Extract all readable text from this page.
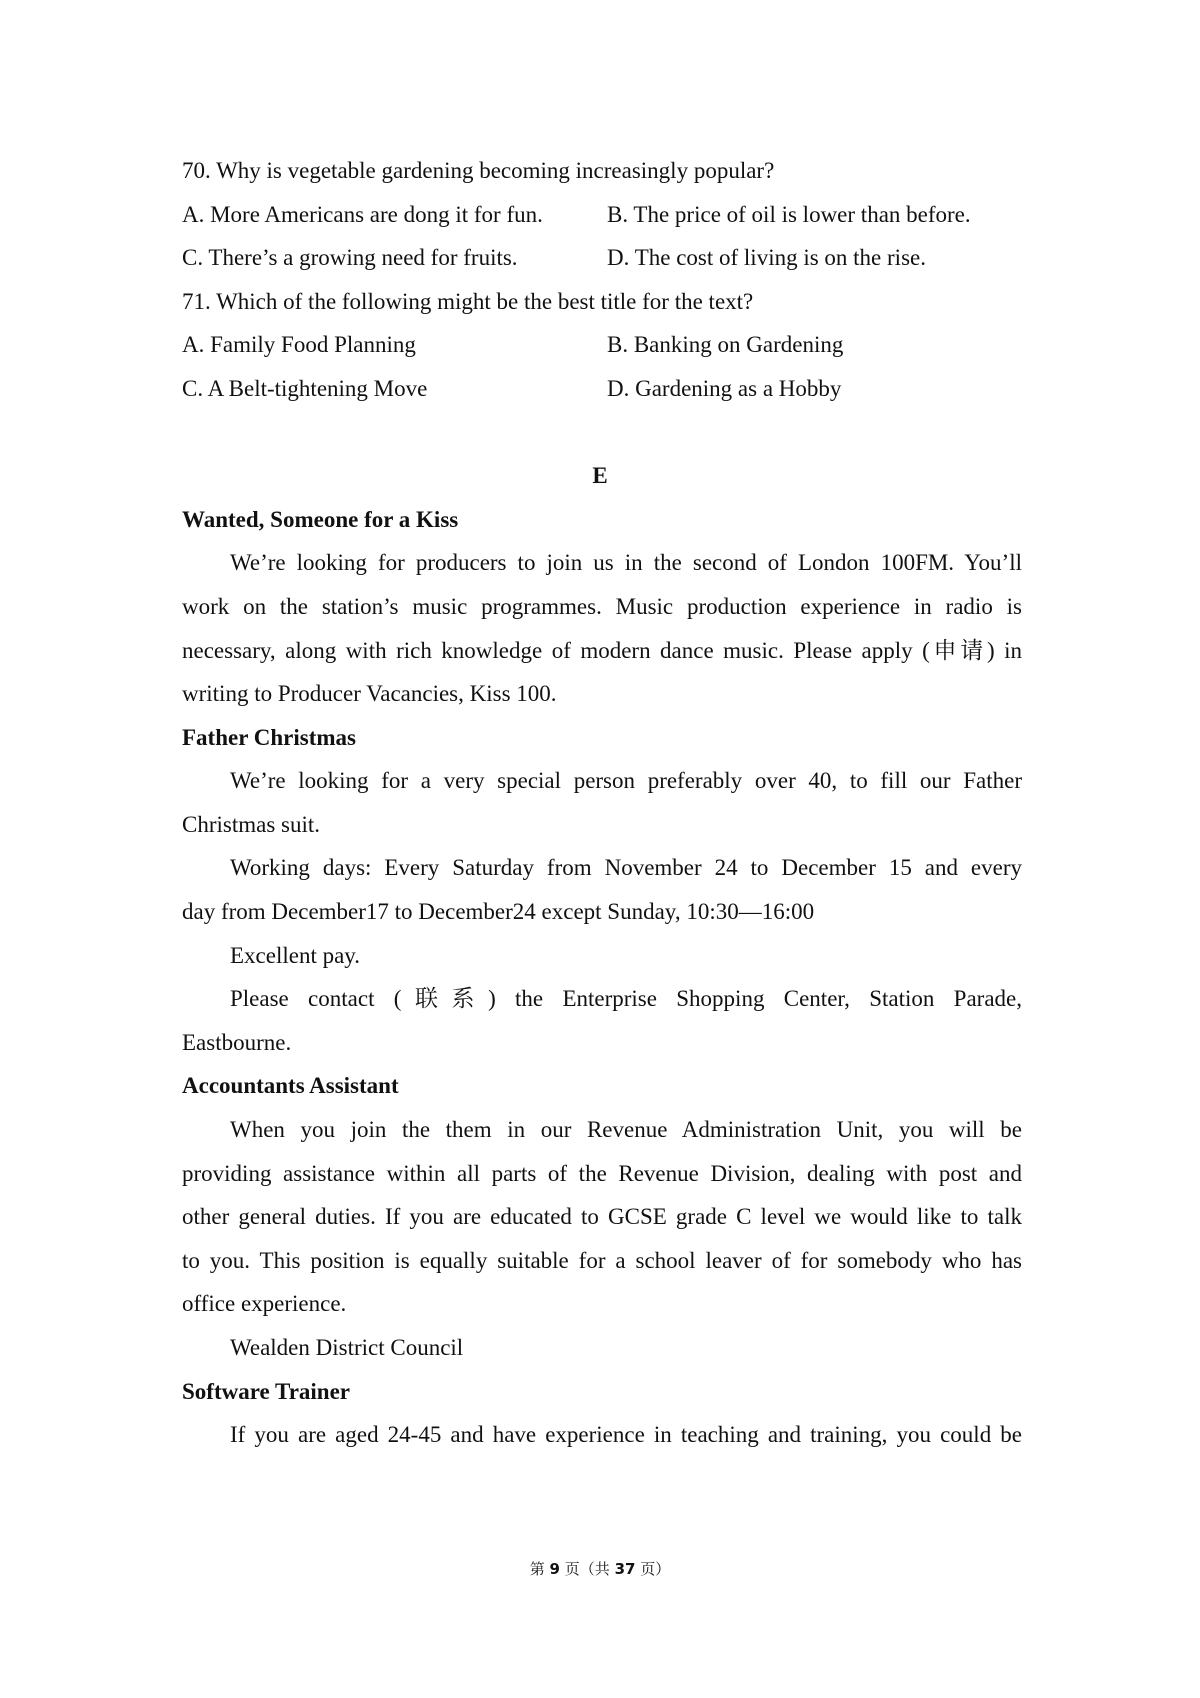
70. Why is vegetable gardening becoming increasingly popular?
A. More Americans are dong it for fun.	B. The price of oil is lower than before.
C. There’s a growing need for fruits.	D. The cost of living is on the rise.
71. Which of the following might be the best title for the text?
A. Family Food Planning	B. Banking on Gardening
C. A Belt-tightening Move	D. Gardening as a Hobby
E
Wanted, Someone for a Kiss
We’re looking for producers to join us in the second of London 100FM. You’ll
work on the station’s music programmes. Music production experience in radio is
necessary, along with rich knowledge of modern dance music. Please apply (申请) in
writing to Producer Vacancies, Kiss 100.
Father Christmas
We’re looking for a very special person preferably over 40, to fill our Father
Christmas suit.
Working days: Every Saturday from November 24 to December 15 and every
day from December17 to December24 except Sunday, 10:30—16:00
Excellent pay.
Please contact (联系) the Enterprise Shopping Center, Station Parade,
Eastbourne.
Accountants Assistant
When you join the them in our Revenue Administration Unit, you will be
providing assistance within all parts of the Revenue Division, dealing with post and
other general duties. If you are educated to GCSE grade C level we would like to talk
to you. This position is equally suitable for a school leaver of for somebody who has
office experience.
Wealden District Council
Software Trainer
If you are aged 24-45 and have experience in teaching and training, you could be
第 9 页（共 37 页）
